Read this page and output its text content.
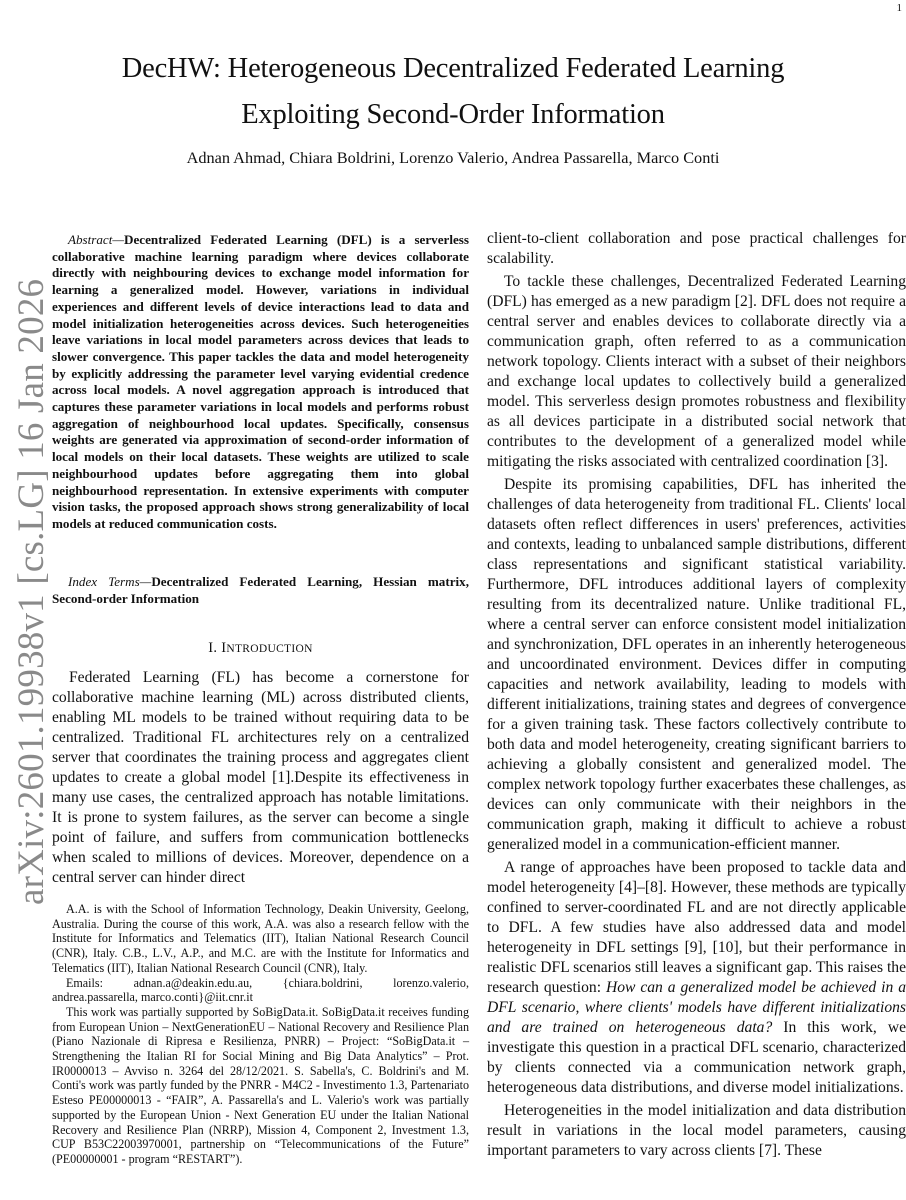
1
arXiv:2601.19938v1 [cs.LG] 16 Jan 2026
DecHW: Heterogeneous Decentralized Federated Learning
Exploiting Second-Order Information
Adnan Ahmad, Chiara Boldrini, Lorenzo Valerio, Andrea Passarella, Marco Conti

Abstract—Decentralized Federated Learning (DFL) is a serverless collaborative machine learning paradigm where devices collaborate directly with neighbouring devices to exchange model information for learning a generalized model. However, variations in individual experiences and different levels of device interactions lead to data and model initialization heterogeneities across devices. Such heterogeneities leave variations in local model parameters across devices that leads to slower convergence. This paper tackles the data and model heterogeneity by explicitly addressing the parameter level varying evidential credence across local models. A novel aggregation approach is introduced that captures these parameter variations in local models and performs robust aggregation of neighbourhood local updates. Specifically, consensus weights are generated via approximation of second-order information of local models on their local datasets. These weights are utilized to scale neighbourhood updates before aggregating them into global neighbourhood representation. In extensive experiments with computer vision tasks, the proposed approach shows strong generalizability of local models at reduced communication costs.

Index Terms—Decentralized Federated Learning, Hessian matrix, Second-order Information

I. INTRODUCTION

Federated Learning (FL) has become a cornerstone for collaborative machine learning (ML) across distributed clients, enabling ML models to be trained without requiring data to be centralized. Traditional FL architectures rely on a centralized server that coordinates the training process and aggregates client updates to create a global model [1].Despite its effectiveness in many use cases, the centralized approach has notable limitations. It is prone to system failures, as the server can become a single point of failure, and suffers from communication bottlenecks when scaled to millions of devices. Moreover, dependence on a central server can hinder direct

A.A. is with the School of Information Technology, Deakin University, Geelong, Australia. During the course of this work, A.A. was also a research fellow with the Institute for Informatics and Telematics (IIT), Italian National Research Council (CNR), Italy. C.B., L.V., A.P., and M.C. are with the Institute for Informatics and Telematics (IIT), Italian National Research Council (CNR), Italy.

Emails: adnan.a@deakin.edu.au, {chiara.boldrini, lorenzo.valerio, andrea.passarella, marco.conti}@iit.cnr.it

This work was partially supported by SoBigData.it. SoBigData.it receives funding from European Union – NextGenerationEU – National Recovery and Resilience Plan (Piano Nazionale di Ripresa e Resilienza, PNRR) – Project: “SoBigData.it – Strengthening the Italian RI for Social Mining and Big Data Analytics” – Prot. IR0000013 – Avviso n. 3264 del 28/12/2021. S. Sabella's, C. Boldrini's and M. Conti's work was partly funded by the PNRR - M4C2 - Investimento 1.3, Partenariato Esteso PE00000013 - “FAIR”, A. Passarella's and L. Valerio's work was partially supported by the European Union - Next Generation EU under the Italian National Recovery and Resilience Plan (NRRP), Mission 4, Component 2, Investment 1.3, CUP B53C22003970001, partnership on “Telecommunications of the Future” (PE00000001 - program “RESTART”).

client-to-client collaboration and pose practical challenges for scalability.

To tackle these challenges, Decentralized Federated Learning (DFL) has emerged as a new paradigm [2]. DFL does not require a central server and enables devices to collaborate directly via a communication graph, often referred to as a communication network topology. Clients interact with a subset of their neighbors and exchange local updates to collectively build a generalized model. This serverless design promotes robustness and flexibility as all devices participate in a distributed social network that contributes to the development of a generalized model while mitigating the risks associated with centralized coordination [3].

Despite its promising capabilities, DFL has inherited the challenges of data heterogeneity from traditional FL. Clients' local datasets often reflect differences in users' preferences, activities and contexts, leading to unbalanced sample distributions, different class representations and significant statistical variability. Furthermore, DFL introduces additional layers of complexity resulting from its decentralized nature. Unlike traditional FL, where a central server can enforce consistent model initialization and synchronization, DFL operates in an inherently heterogeneous and uncoordinated environment. Devices differ in computing capacities and network availability, leading to models with different initializations, training states and degrees of convergence for a given training task. These factors collectively contribute to both data and model heterogeneity, creating significant barriers to achieving a globally consistent and generalized model. The complex network topology further exacerbates these challenges, as devices can only communicate with their neighbors in the communication graph, making it difficult to achieve a robust generalized model in a communication-efficient manner.

A range of approaches have been proposed to tackle data and model heterogeneity [4]–[8]. However, these methods are typically confined to server-coordinated FL and are not directly applicable to DFL. A few studies have also addressed data and model heterogeneity in DFL settings [9], [10], but their performance in realistic DFL scenarios still leaves a significant gap. This raises the research question: How can a generalized model be achieved in a DFL scenario, where clients' models have different initializations and are trained on heterogeneous data? In this work, we investigate this question in a practical DFL scenario, characterized by clients connected via a communication network graph, heterogeneous data distributions, and diverse model initializations.

Heterogeneities in the model initialization and data distribution result in variations in the local model parameters, causing important parameters to vary across clients [7]. These
